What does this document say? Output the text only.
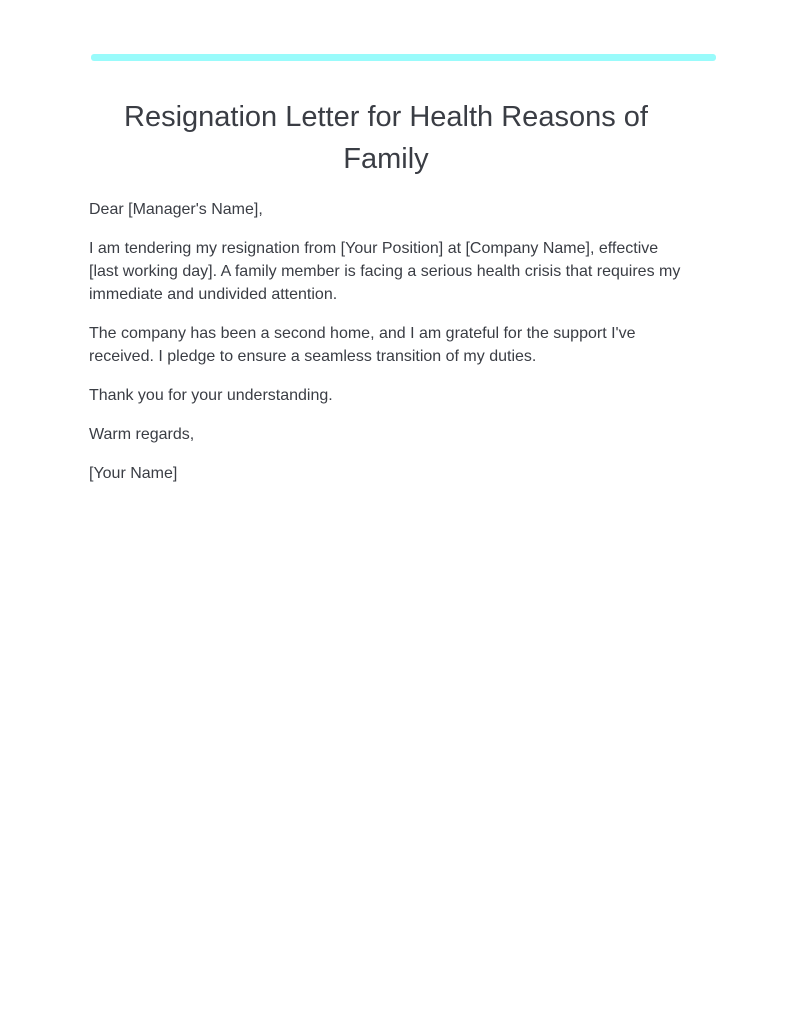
Resignation Letter for Health Reasons of
Family

Dear [Manager's Name],

I am tendering my resignation from [Your Position] at [Company Name], effective
[last working day]. A family member is facing a serious health crisis that requires my
immediate and undivided attention.

The company has been a second home, and I am grateful for the support I've
received. I pledge to ensure a seamless transition of my duties.

Thank you for your understanding.

Warm regards,

[Your Name]
